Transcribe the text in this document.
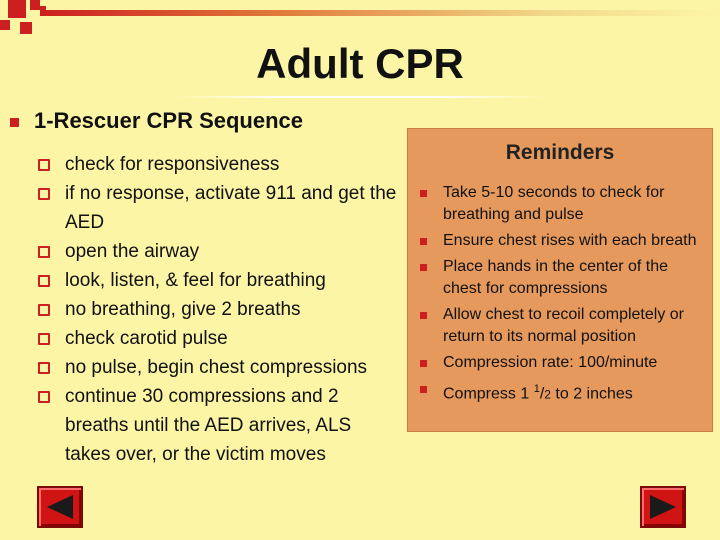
Adult CPR
1-Rescuer CPR Sequence
check for responsiveness
if no response, activate 911 and get the AED
open the airway
look, listen, & feel for breathing
no breathing, give 2 breaths
check carotid pulse
no pulse, begin chest compressions
continue 30 compressions and 2 breaths until the AED arrives, ALS takes over, or the victim moves
Reminders
Take 5-10 seconds to check for breathing and pulse
Ensure chest rises with each breath
Place hands in the center of the chest for compressions
Allow chest to recoil completely or return to its normal position
Compression rate: 100/minute
Compress 1 $^1$/2 to 2 inches
